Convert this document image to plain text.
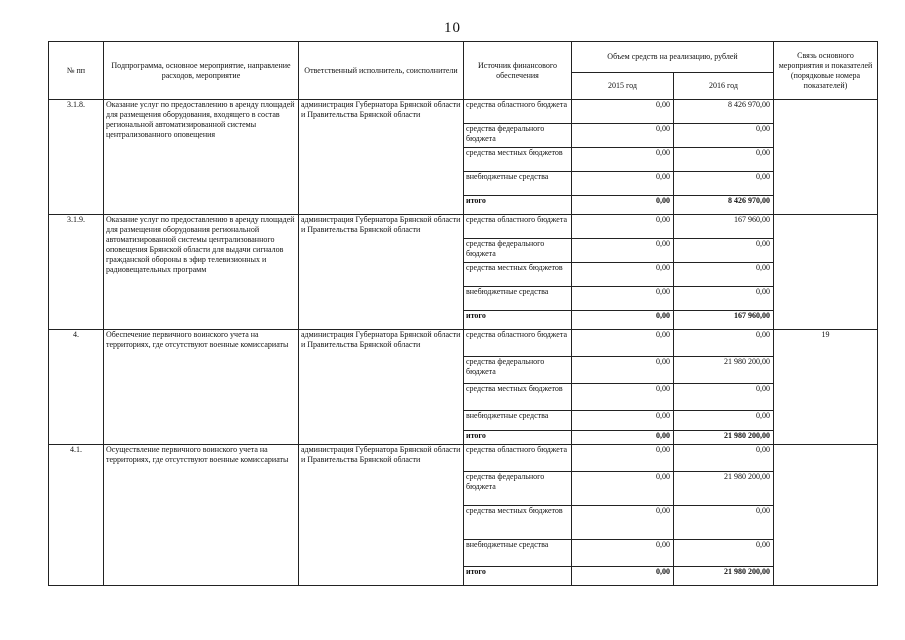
10
№ пп	Подпрограмма, основное мероприятие, направление расходов, мероприятие	Ответственный исполнитель, соисполнители	Источник финансового обеспечения	Объем средств на реализацию, рублей		Связь основного мероприятия и показателей (порядковые номера показателей)
				2015 год	2016 год	
3.1.8.	Оказание услуг по предоставлению в аренду площадей для размещения оборудования, входящего в состав региональной автоматизированной системы централизованного оповещения	администрация Губернатора Брянской области и Правительства Брянской области	средства областного бюджета	0,00	8 426 970,00	
			средства федерального бюджета	0,00	0,00	
			средства местных бюджетов	0,00	0,00	
			внебюджетные средства	0,00	0,00	
			итого	0,00	8 426 970,00	
3.1.9.	Оказание услуг по предоставлению в аренду площадей для размещения оборудования региональной автоматизированной системы централизованного оповещения Брянской области для выдачи сигналов гражданской обороны в эфир телевизионных и радиовещательных программ	администрация Губернатора Брянской области и Правительства Брянской области	средства областного бюджета	0,00	167 960,00	
			средства федерального бюджета	0,00	0,00	
			средства местных бюджетов	0,00	0,00	
			внебюджетные средства	0,00	0,00	
			итого	0,00	167 960,00	
4.	Обеспечение первичного воинского учета на территориях, где отсутствуют военные комиссариаты	администрация Губернатора Брянской области и Правительства Брянской области	средства областного бюджета	0,00	0,00	19
			средства федерального бюджета	0,00	21 980 200,00	
			средства местных бюджетов	0,00	0,00	
			внебюджетные средства	0,00	0,00	
			итого	0,00	21 980 200,00	
4.1.	Осуществление первичного воинского учета на территориях, где отсутствуют военные комиссариаты	администрация Губернатора Брянской области и Правительства Брянской области	средства областного бюджета	0,00	0,00	
			средства федерального бюджета	0,00	21 980 200,00	
			средства местных бюджетов	0,00	0,00	
			внебюджетные средства	0,00	0,00	
			итого	0,00	21 980 200,00	
